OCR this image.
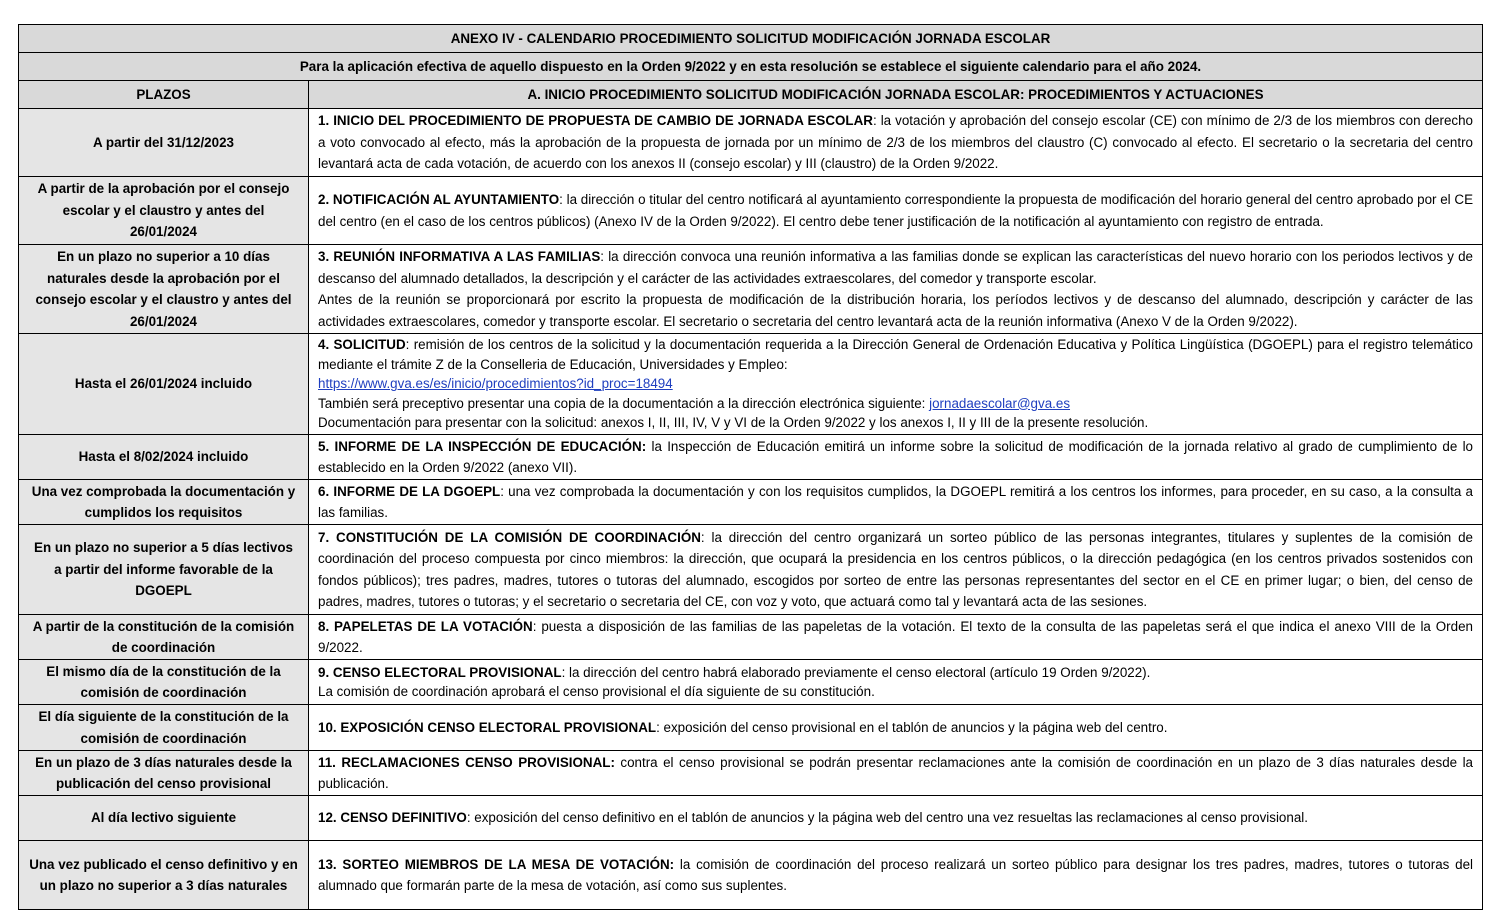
ANEXO IV - CALENDARIO PROCEDIMIENTO SOLICITUD MODIFICACIÓN JORNADA ESCOLAR	
Para la aplicación efectiva de aquello dispuesto en la Orden 9/2022 y en esta resolución se establece el siguiente calendario para el año 2024.	
PLAZOS	A. INICIO PROCEDIMIENTO SOLICITUD MODIFICACIÓN JORNADA ESCOLAR: PROCEDIMIENTOS Y ACTUACIONES
A partir del 31/12/2023	1. INICIO DEL PROCEDIMIENTO DE PROPUESTA DE CAMBIO DE JORNADA ESCOLAR: la votación y aprobación del consejo escolar (CE) con mínimo de 2/3 de los miembros con derecho a voto convocado al efecto, más la aprobación de la propuesta de jornada por un mínimo de 2/3 de los miembros del claustro (C) convocado al efecto. El secretario o la secretaria del centro levantará acta de cada votación, de acuerdo con los anexos II (consejo escolar) y III (claustro) de la Orden 9/2022.
A partir de la aprobación por el consejo escolar y el claustro y antes del 26/01/2024	2. NOTIFICACIÓN AL AYUNTAMIENTO: la dirección o titular del centro notificará al ayuntamiento correspondiente la propuesta de modificación del horario general del centro aprobado por el CE del centro (en el caso de los centros públicos) (Anexo IV de la Orden 9/2022). El centro debe tener justificación de la notificación al ayuntamiento con registro de entrada.
En un plazo no superior a 10 días naturales desde la aprobación por el consejo escolar y el claustro y antes del 26/01/2024	3. REUNIÓN INFORMATIVA A LAS FAMILIAS: la dirección convoca una reunión informativa a las familias donde se explican las características del nuevo horario con los periodos lectivos y de descanso del alumnado detallados, la descripción y el carácter de las actividades extraescolares, del comedor y transporte escolar.
Antes de la reunión se proporcionará por escrito la propuesta de modificación de la distribución horaria, los períodos lectivos y de descanso del alumnado, descripción y carácter de las actividades extraescolares, comedor y transporte escolar. El secretario o secretaria del centro levantará acta de la reunión informativa (Anexo V de la Orden 9/2022).

Hasta el 26/01/2024 incluido	4. SOLICITUD: remisión de los centros de la solicitud y la documentación requerida a la Dirección General de Ordenación Educativa y Política Lingüística (DGOEPL) para el registro telemático mediante el trámite Z de la Conselleria de Educación, Universidades y Empleo:
https://www.gva.es/es/inicio/procedimientos?id_proc=18494
También será preceptivo presentar una copia de la documentación a la dirección electrónica siguiente: jornadaescolar@gva.es
Documentación para presentar con la solicitud: anexos I, II, III, IV, V y VI de la Orden 9/2022 y los anexos I, II y III de la presente resolución.

Hasta el 8/02/2024 incluido	5. INFORME DE LA INSPECCIÓN DE EDUCACIÓN: la Inspección de Educación emitirá un informe sobre la solicitud de modificación de la jornada relativo al grado de cumplimiento de lo establecido en la Orden 9/2022 (anexo VII).
Una vez comprobada la documentación y cumplidos los requisitos	6. INFORME DE LA DGOEPL: una vez comprobada la documentación y con los requisitos cumplidos, la DGOEPL remitirá a los centros los informes, para proceder, en su caso, a la consulta a las familias.
En un plazo no superior a 5 días lectivos a partir del informe favorable de la DGOEPL	7. CONSTITUCIÓN DE LA COMISIÓN DE COORDINACIÓN: la dirección del centro organizará un sorteo público de las personas integrantes, titulares y suplentes de la comisión de coordinación del proceso compuesta por cinco miembros: la dirección, que ocupará la presidencia en los centros públicos, o la dirección pedagógica (en los centros privados sostenidos con fondos públicos); tres padres, madres, tutores o tutoras del alumnado, escogidos por sorteo de entre las personas representantes del sector en el CE en primer lugar; o bien, del censo de padres, madres, tutores o tutoras; y el secretario o secretaria del CE, con voz y voto, que actuará como tal y levantará acta de las sesiones.
A partir de la constitución de la comisión de coordinación	8. PAPELETAS DE LA VOTACIÓN: puesta a disposición de las familias de las papeletas de la votación. El texto de la consulta de las papeletas será el que indica el anexo VIII de la Orden 9/2022.
El mismo día de la constitución de la comisión de coordinación	9. CENSO ELECTORAL PROVISIONAL: la dirección del centro habrá elaborado previamente el censo electoral (artículo 19 Orden 9/2022).
La comisión de coordinación aprobará el censo provisional el día siguiente de su constitución.

El día siguiente de la constitución de la comisión de coordinación	10. EXPOSICIÓN CENSO ELECTORAL PROVISIONAL: exposición del censo provisional en el tablón de anuncios y la página web del centro.
En un plazo de 3 días naturales desde la publicación del censo provisional	11. RECLAMACIONES CENSO PROVISIONAL: contra el censo provisional se podrán presentar reclamaciones ante la comisión de coordinación en un plazo de 3 días naturales desde la publicación.
Al día lectivo siguiente	12. CENSO DEFINITIVO: exposición del censo definitivo en el tablón de anuncios y la página web del centro una vez resueltas las reclamaciones al censo provisional.
Una vez publicado el censo definitivo y en un plazo no superior a 3 días naturales	13. SORTEO MIEMBROS DE LA MESA DE VOTACIÓN: la comisión de coordinación del proceso realizará un sorteo público para designar los tres padres, madres, tutores o tutoras del alumnado que formarán parte de la mesa de votación, así como sus suplentes.
